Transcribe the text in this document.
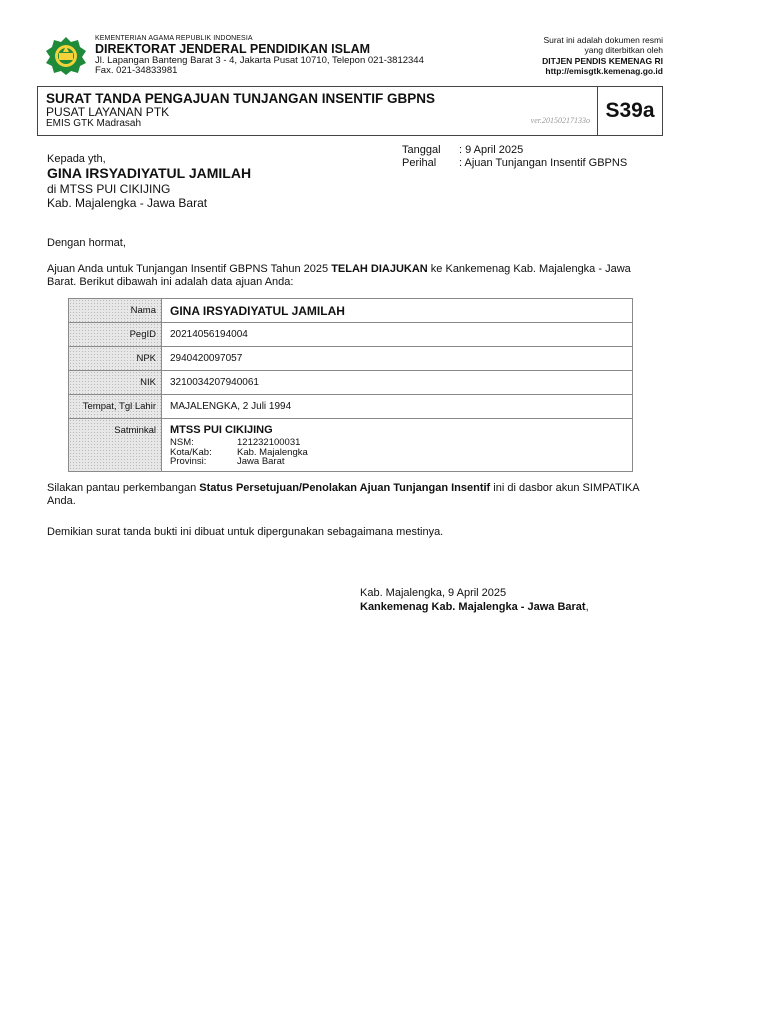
KEMENTERIAN AGAMA REPUBLIK INDONESIA
DIREKTORAT JENDERAL PENDIDIKAN ISLAM
Jl. Lapangan Banteng Barat 3 - 4, Jakarta Pusat 10710, Telepon 021-3812344
Fax. 021-34833981
Surat ini adalah dokumen resmi
yang diterbitkan oleh
DITJEN PENDIS KEMENAG RI
http://emisgtk.kemenag.go.id
SURAT TANDA PENGAJUAN TUNJANGAN INSENTIF GBPNS
PUSAT LAYANAN PTK
EMIS GTK Madrasah	ver.20150217133o S39a
Tanggal : 9 April 2025
Perihal : Ajuan Tunjangan Insentif GBPNS
Kepada yth,
GINA IRSYADIYATUL JAMILAH
di MTSS PUI CIKIJING
Kab. Majalengka - Jawa Barat
Dengan hormat,
Ajuan Anda untuk Tunjangan Insentif GBPNS Tahun 2025 TELAH DIAJUKAN ke Kankemenag Kab. Majalengka - Jawa Barat. Berikut dibawah ini adalah data ajuan Anda:
Nama	GINA IRSYADIYATUL JAMILAH
PegID	20214056194004
NPK	2940420097057
NIK	3210034207940061
Tempat, Tgl Lahir	MAJALENGKA, 2 Juli 1994
Satminkal	MTSS PUI CIKIJING
NSM:	121232100031
Kota/Kab:	Kab. Majalengka
Provinsi:	Jawa Barat
Silakan pantau perkembangan Status Persetujuan/Penolakan Ajuan Tunjangan Insentif ini di dasbor akun SIMPATIKA Anda.
Demikian surat tanda bukti ini dibuat untuk dipergunakan sebagaimana mestinya.
Kab. Majalengka, 9 April 2025
Kankemenag Kab. Majalengka - Jawa Barat,
